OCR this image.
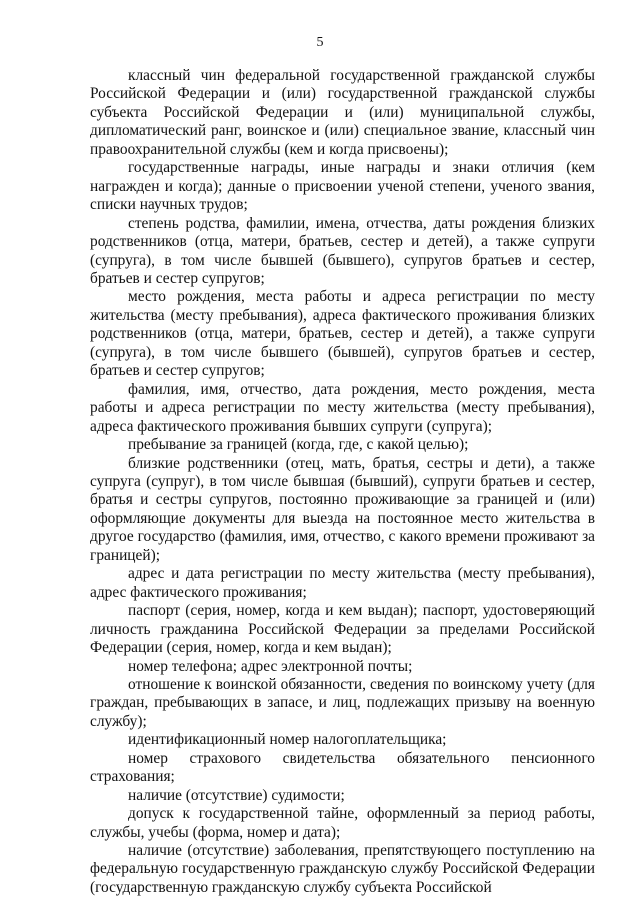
5

классный чин федеральной государственной гражданской службы Российской Федерации и (или) государственной гражданской службы субъекта Российской Федерации и (или) муниципальной службы, дипломатический ранг, воинское и (или) специальное звание, классный чин правоохранительной службы (кем и когда присвоены);

государственные награды, иные награды и знаки отличия (кем награжден и когда); данные о присвоении ученой степени, ученого звания, списки научных трудов;

степень родства, фамилии, имена, отчества, даты рождения близких родственников (отца, матери, братьев, сестер и детей), а также супруги (супруга), в том числе бывшей (бывшего), супругов братьев и сестер, братьев и сестер супругов;

место рождения, места работы и адреса регистрации по месту жительства (месту пребывания), адреса фактического проживания близких родственников (отца, матери, братьев, сестер и детей), а также супруги (супруга), в том числе бывшего (бывшей), супругов братьев и сестер, братьев и сестер супругов;

фамилия, имя, отчество, дата рождения, место рождения, места работы и адреса регистрации по месту жительства (месту пребывания), адреса фактического проживания бывших супруги (супруга);

пребывание за границей (когда, где, с какой целью);

близкие родственники (отец, мать, братья, сестры и дети), а также супруга (супруг), в том числе бывшая (бывший), супруги братьев и сестер, братья и сестры супругов, постоянно проживающие за границей и (или) оформляющие документы для выезда на постоянное место жительства в другое государство (фамилия, имя, отчество, с какого времени проживают за границей);

адрес и дата регистрации по месту жительства (месту пребывания), адрес фактического проживания;

паспорт (серия, номер, когда и кем выдан); паспорт, удостоверяющий личность гражданина Российской Федерации за пределами Российской Федерации (серия, номер, когда и кем выдан);

номер телефона; адрес электронной почты;

отношение к воинской обязанности, сведения по воинскому учету (для граждан, пребывающих в запасе, и лиц, подлежащих призыву на военную службу);

идентификационный номер налогоплательщика;

номер страхового свидетельства обязательного пенсионного страхования;

наличие (отсутствие) судимости;

допуск к государственной тайне, оформленный за период работы, службы, учебы (форма, номер и дата);

наличие (отсутствие) заболевания, препятствующего поступлению на федеральную государственную гражданскую службу Российской Федерации (государственную гражданскую службу субъекта Российской
